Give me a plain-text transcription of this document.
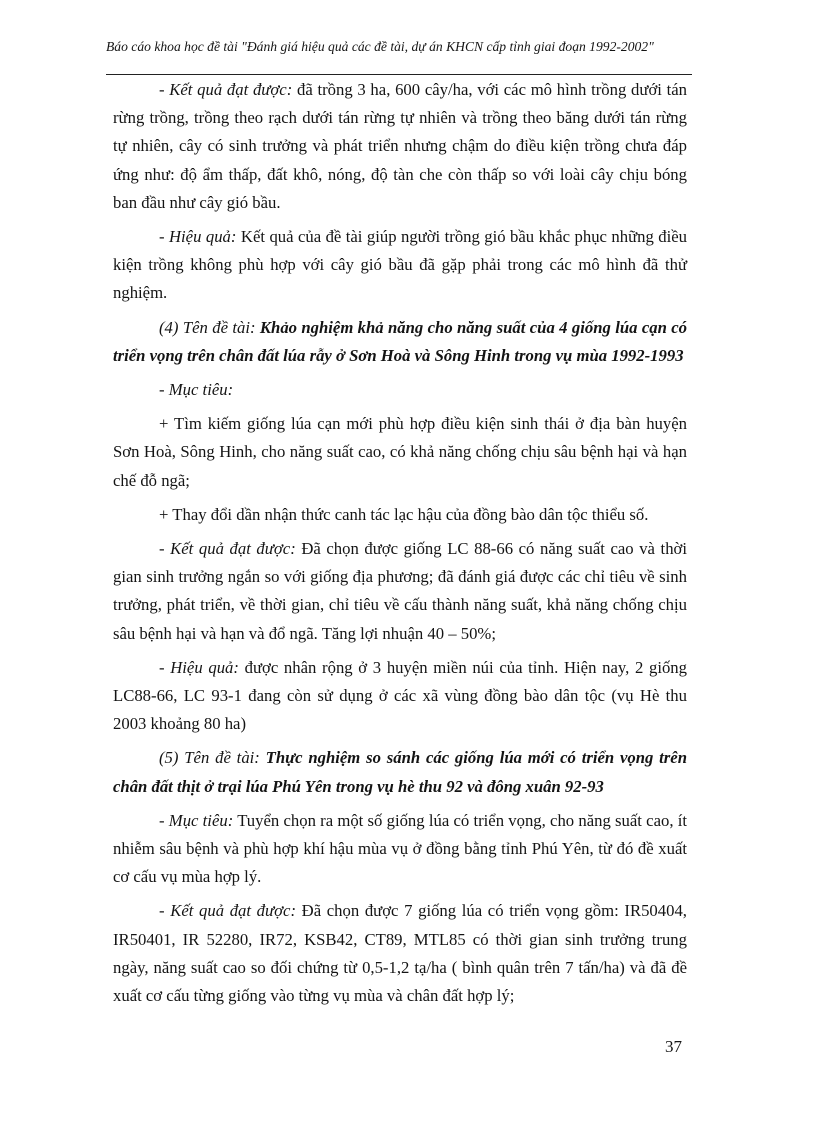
Báo cáo khoa học đề tài "Đánh giá hiệu quả các đề tài, dự án KHCN cấp tỉnh giai đoạn 1992-2002"

- Kết quả đạt được: đã trồng 3 ha, 600 cây/ha, với các mô hình trồng dưới tán rừng trồng, trồng theo rạch dưới tán rừng tự nhiên và trồng theo băng dưới tán rừng tự nhiên, cây có sinh trưởng và phát triển nhưng chậm do điều kiện trồng chưa đáp ứng như: độ ẩm thấp, đất khô, nóng, độ tàn che còn thấp so với loài cây chịu bóng ban đầu như cây gió bầu.

- Hiệu quả: Kết quả của đề tài giúp người trồng gió bầu khắc phục những điều kiện trồng không phù hợp với cây gió bầu đã gặp phải trong các mô hình đã thử nghiệm.

(4) Tên đề tài: Khảo nghiệm khả năng cho năng suất của 4 giống lúa cạn có triển vọng trên chân đất lúa rẫy ở Sơn Hoà và Sông Hinh trong vụ mùa 1992-1993

- Mục tiêu:

+ Tìm kiếm giống lúa cạn mới phù hợp điều kiện sinh thái ở địa bàn huyện Sơn Hoà, Sông Hinh, cho năng suất cao, có khả năng chống chịu sâu bệnh hại và hạn chế đỗ ngã;

+ Thay đổi dần nhận thức canh tác lạc hậu của đồng bào dân tộc thiểu số.

- Kết quả đạt được: Đã chọn được giống LC 88-66 có năng suất cao và thời gian sinh trưởng ngắn so với giống địa phương; đã đánh giá được các chỉ tiêu về sinh trưởng, phát triển, về thời gian, chỉ tiêu về cấu thành năng suất, khả năng chống chịu sâu bệnh hại và hạn và đổ ngã. Tăng lợi nhuận 40 – 50%;

- Hiệu quả: được nhân rộng ở 3 huyện miền núi của tỉnh. Hiện nay, 2 giống LC88-66, LC 93-1 đang còn sử dụng ở các xã vùng đồng bào dân tộc (vụ Hè thu 2003 khoảng 80 ha)

(5) Tên đề tài: Thực nghiệm so sánh các giống lúa mới có triển vọng trên chân đất thịt ở trại lúa Phú Yên trong vụ hè thu 92 và đông xuân 92-93

- Mục tiêu: Tuyển chọn ra một số giống lúa có triển vọng, cho năng suất cao, ít nhiễm sâu bệnh và phù hợp khí hậu mùa vụ ở đồng bằng tỉnh Phú Yên, từ đó đề xuất cơ cấu vụ mùa hợp lý.

- Kết quả đạt được: Đã chọn được 7 giống lúa có triển vọng gồm: IR50404, IR50401, IR 52280, IR72, KSB42, CT89, MTL85 có thời gian sinh trưởng trung ngày, năng suất cao so đối chứng từ 0,5-1,2 tạ/ha ( bình quân trên 7 tấn/ha) và đã đề xuất cơ cấu từng giống vào từng vụ mùa và chân đất hợp lý;

37
